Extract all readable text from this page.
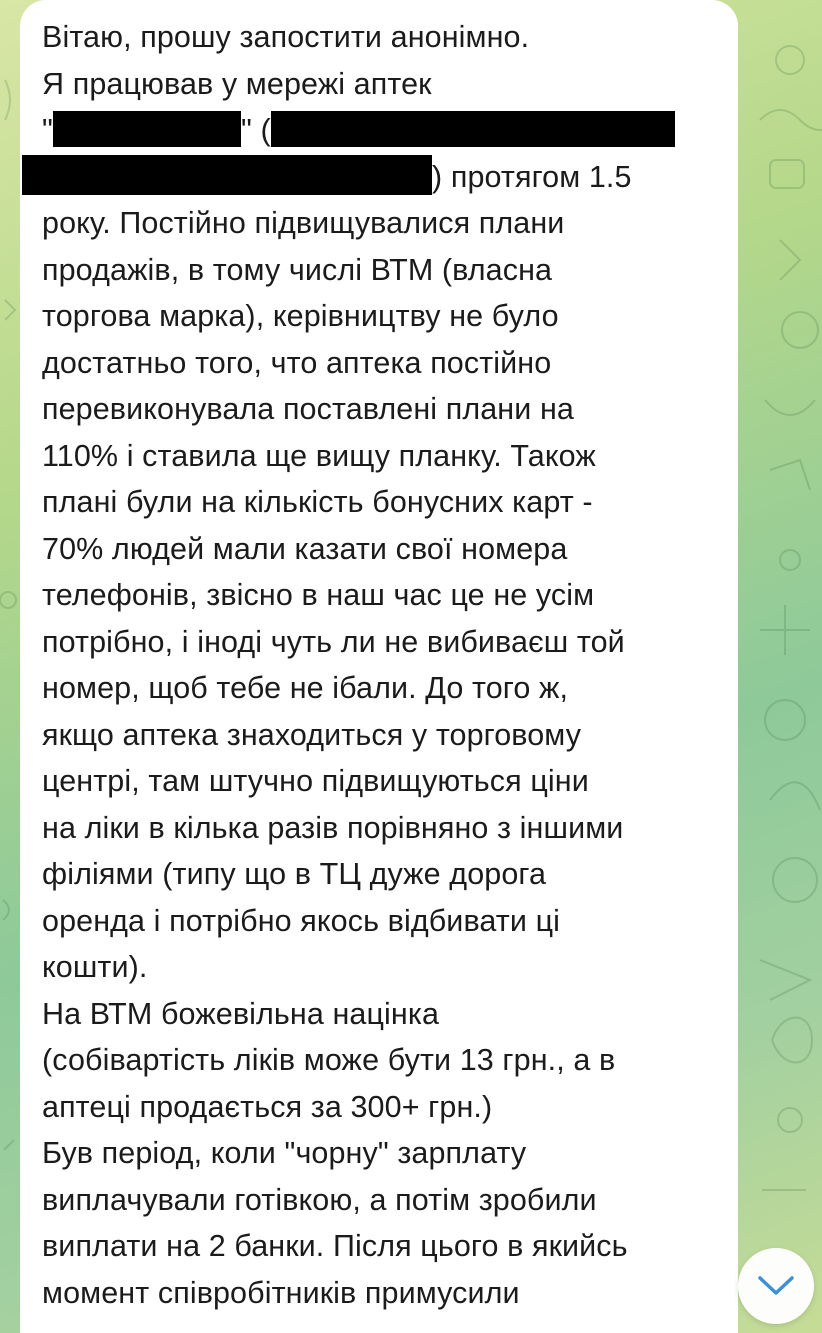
Вітаю, прошу запостити анонімно.
Я працював у мережі аптек
"	" (
) протягом 1.5
року. Постійно підвищувалися плани
продажів, в тому числі ВТМ (власна
торгова марка), керівництву не було
достатньо того, что аптека постійно
перевиконувала поставлені плани на
110% і ставила ще вищу планку. Також
плані були на кількість бонусних карт -
70% людей мали казати свої номера
телефонів, звісно в наш час це не усім
потрібно, і іноді чуть ли не вибиваєш той
номер, щоб тебе не ібали. До того ж,
якщо аптека знаходиться у торговому
центрі, там штучно підвищуються ціни
на ліки в кілька разів порівняно з іншими
філіями (типу що в ТЦ дуже дорога
оренда і потрібно якось відбивати ці
кошти).
На ВТМ божевільна націнка
(собівартість ліків може бути 13 грн., а в
аптеці продається за 300+ грн.)
Був період, коли "чорну" зарплату
виплачували готівкою, а потім зробили
виплати на 2 банки. Після цього в якийсь
момент співробітників примусили
